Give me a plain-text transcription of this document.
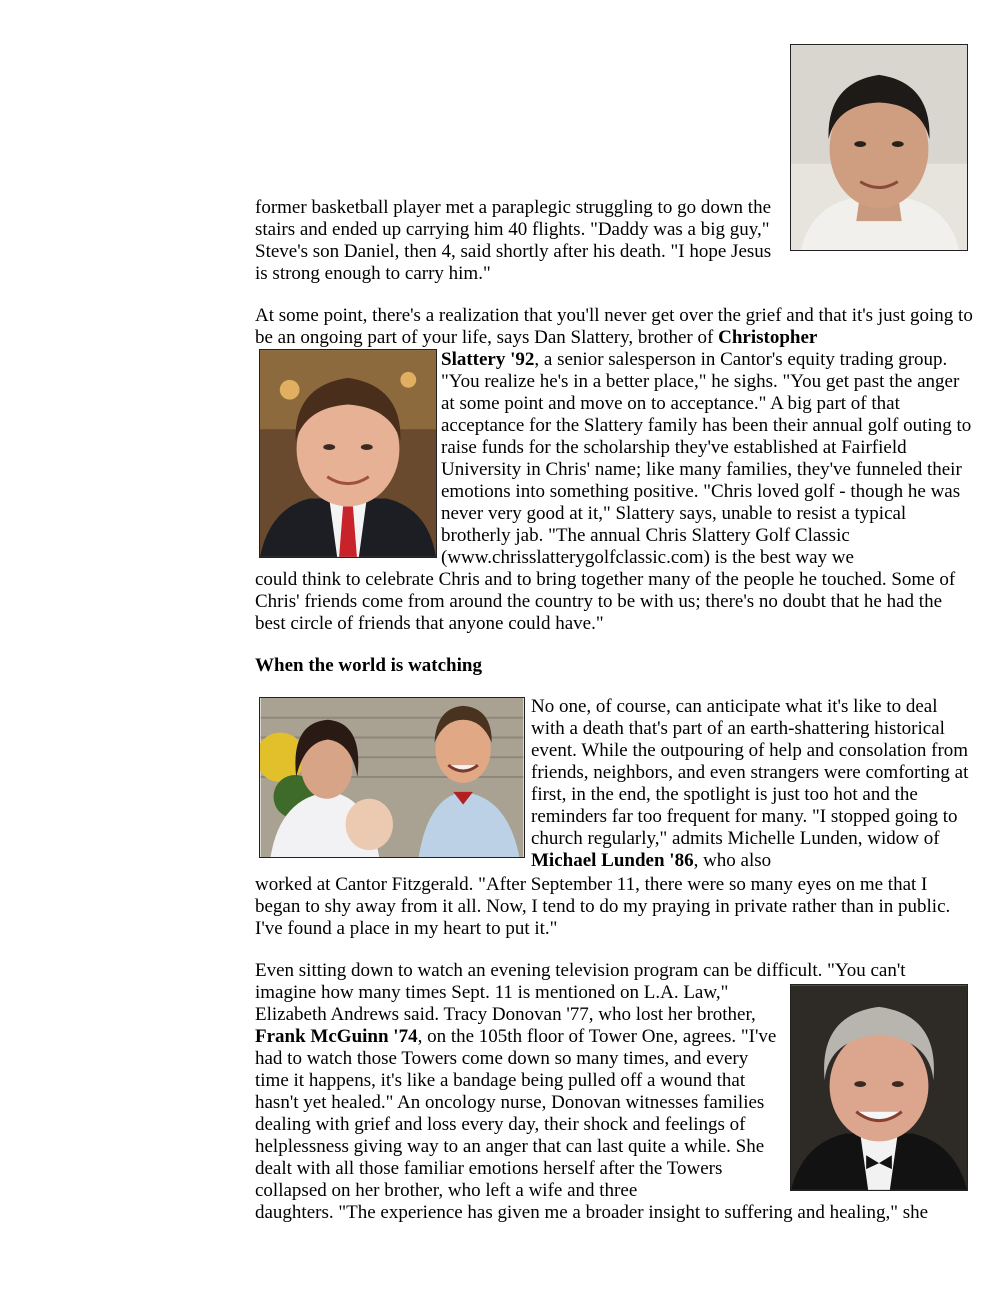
former basketball player met a paraplegic struggling to go down the stairs and ended up carrying him 40 flights. "Daddy was a big guy," Steve's son Daniel, then 4, said shortly after his death. "I hope Jesus is strong enough to carry him."

At some point, there's a realization that you'll never get over the grief and that it's just going to be an ongoing part of your life, says Dan Slattery, brother of Christopher

Slattery '92, a senior salesperson in Cantor's equity trading group. "You realize he's in a better place," he sighs. "You get past the anger at some point and move on to acceptance." A big part of that acceptance for the Slattery family has been their annual golf outing to raise funds for the scholarship they've established at Fairfield University in Chris' name; like many families, they've funneled their emotions into something positive. "Chris loved golf - though he was never very good at it," Slattery says, unable to resist a typical brotherly jab. "The annual Chris Slattery Golf Classic (www.chrisslatterygolfclassic.com) is the best way we

could think to celebrate Chris and to bring together many of the people he touched. Some of Chris' friends come from around the country to be with us; there's no doubt that he had the best circle of friends that anyone could have."

When the world is watching

No one, of course, can anticipate what it's like to deal with a death that's part of an earth-shattering historical event. While the outpouring of help and consolation from friends, neighbors, and even strangers were comforting at first, in the end, the spotlight is just too hot and the reminders far too frequent for many. "I stopped going to church regularly," admits Michelle Lunden, widow of Michael Lunden '86, who also

worked at Cantor Fitzgerald. "After September 11, there were so many eyes on me that I began to shy away from it all. Now, I tend to do my praying in private rather than in public. I've found a place in my heart to put it."

Even sitting down to watch an evening television program can be difficult. "You can't

imagine how many times Sept. 11 is mentioned on L.A. Law," Elizabeth Andrews said. Tracy Donovan '77, who lost her brother, Frank McGuinn '74, on the 105th floor of Tower One, agrees. "I've had to watch those Towers come down so many times, and every time it happens, it's like a bandage being pulled off a wound that hasn't yet healed." An oncology nurse, Donovan witnesses families dealing with grief and loss every day, their shock and feelings of helplessness giving way to an anger that can last quite a while. She dealt with all those familiar emotions herself after the Towers collapsed on her brother, who left a wife and three

daughters. "The experience has given me a broader insight to suffering and healing," she
